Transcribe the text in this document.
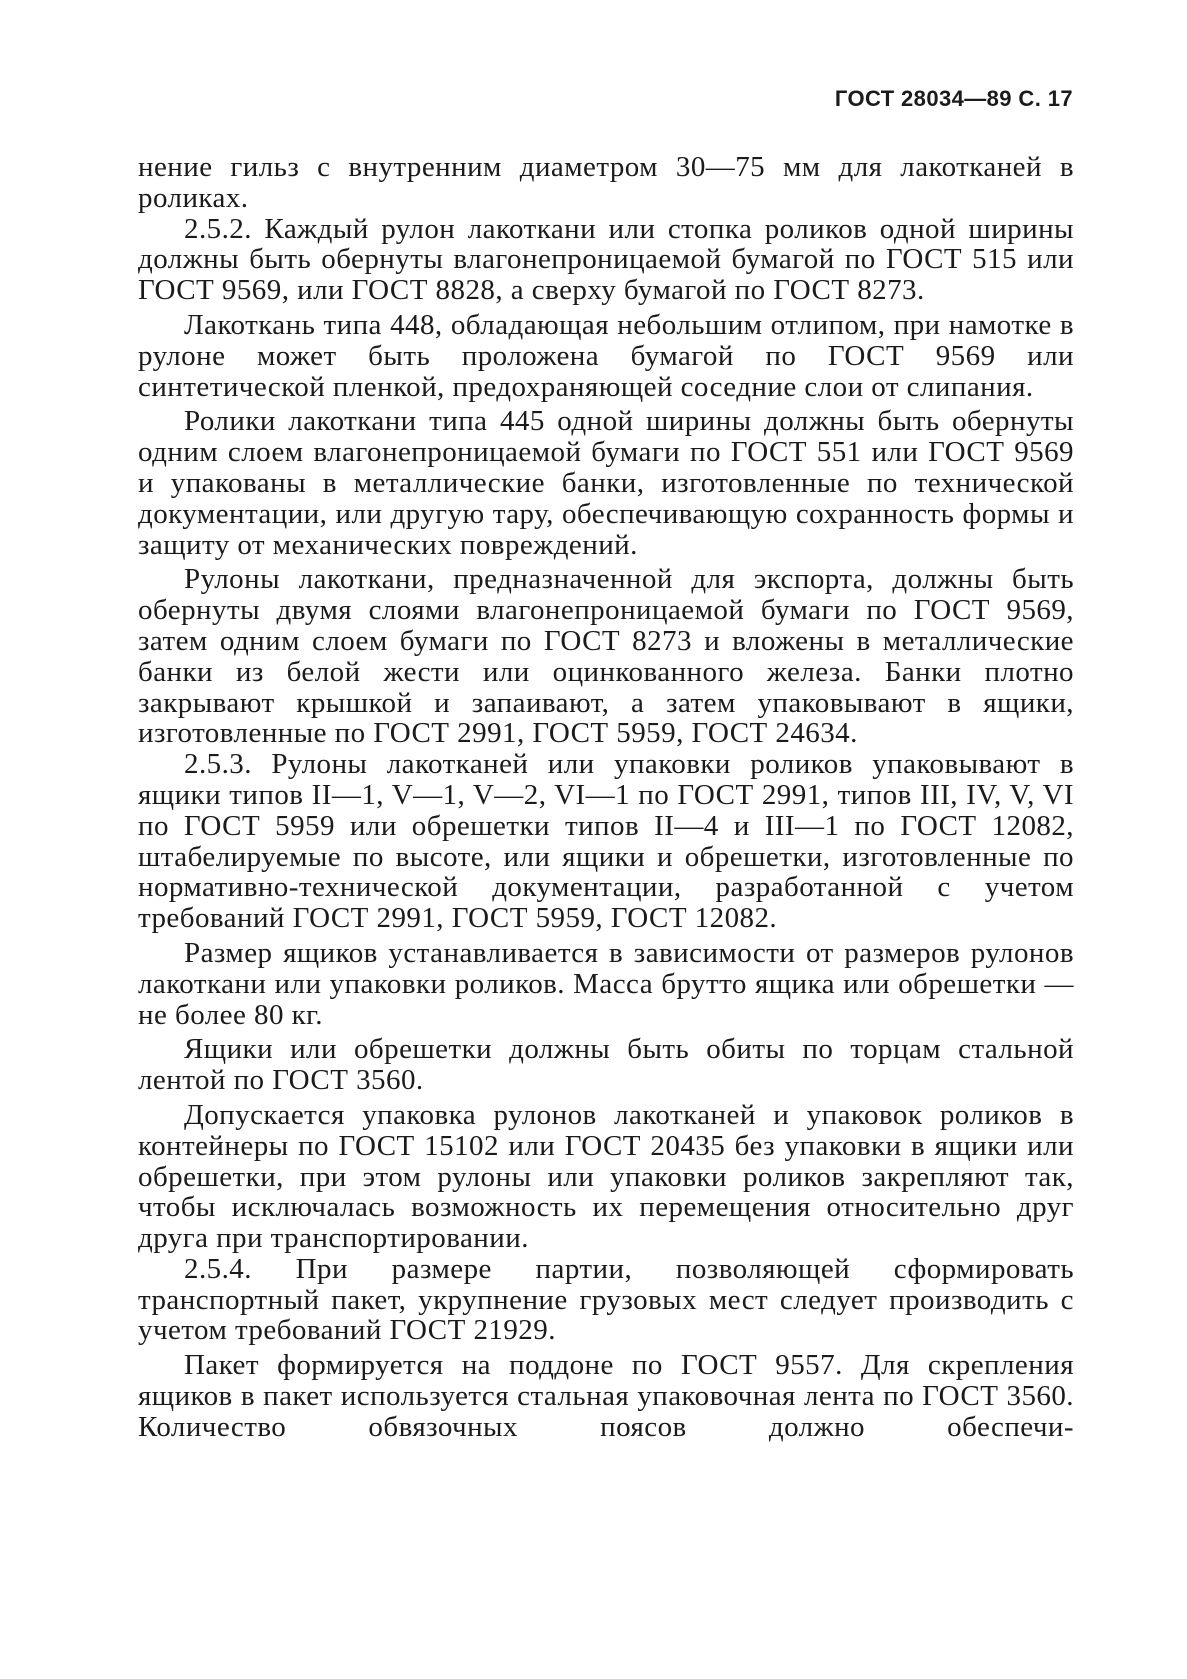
ГОСТ 28034—89 С. 17

нение гильз с внутренним диаметром 30—75 мм для лакотканей в роликах.

2.5.2. Каждый рулон лакоткани или стопка роликов одной ширины должны быть обернуты влагонепроницаемой бумагой по ГОСТ 515 или ГОСТ 9569, или ГОСТ 8828, а сверху бумагой по ГОСТ 8273.

Лакоткань типа 448, обладающая небольшим отлипом, при намотке в рулоне может быть проложена бумагой по ГОСТ 9569 или синтетической пленкой, предохраняющей соседние слои от слипания.

Ролики лакоткани типа 445 одной ширины должны быть обернуты одним слоем влагонепроницаемой бумаги по ГОСТ 551 или ГОСТ 9569 и упакованы в металлические банки, изготовленные по технической документации, или другую тару, обеспечивающую сохранность формы и защиту от механических повреждений.

Рулоны лакоткани, предназначенной для экспорта, должны быть обернуты двумя слоями влагонепроницаемой бумаги по ГОСТ 9569, затем одним слоем бумаги по ГОСТ 8273 и вложены в металлические банки из белой жести или оцинкованного железа. Банки плотно закрывают крышкой и запаивают, а затем упаковывают в ящики, изготовленные по ГОСТ 2991, ГОСТ 5959, ГОСТ 24634.

2.5.3. Рулоны лакотканей или упаковки роликов упаковывают в ящики типов II—1, V—1, V—2, VI—1 по ГОСТ 2991, типов III, IV, V, VI по ГОСТ 5959 или обрешетки типов II—4 и III—1 по ГОСТ 12082, штабелируемые по высоте, или ящики и обрешетки, изготовленные по нормативно-технической документации, разработанной с учетом требований ГОСТ 2991, ГОСТ 5959, ГОСТ 12082.

Размер ящиков устанавливается в зависимости от размеров рулонов лакоткани или упаковки роликов. Масса брутто ящика или обрешетки — не более 80 кг.

Ящики или обрешетки должны быть обиты по торцам стальной лентой по ГОСТ 3560.

Допускается упаковка рулонов лакотканей и упаковок роликов в контейнеры по ГОСТ 15102 или ГОСТ 20435 без упаковки в ящики или обрешетки, при этом рулоны или упаковки роликов закрепляют так, чтобы исключалась возможность их перемещения относительно друг друга при транспортировании.

2.5.4. При размере партии, позволяющей сформировать транспортный пакет, укрупнение грузовых мест следует производить с учетом требований ГОСТ 21929.

Пакет формируется на поддоне по ГОСТ 9557. Для скрепления ящиков в пакет используется стальная упаковочная лента по ГОСТ 3560. Количество обвязочных поясов должно обеспечи-
